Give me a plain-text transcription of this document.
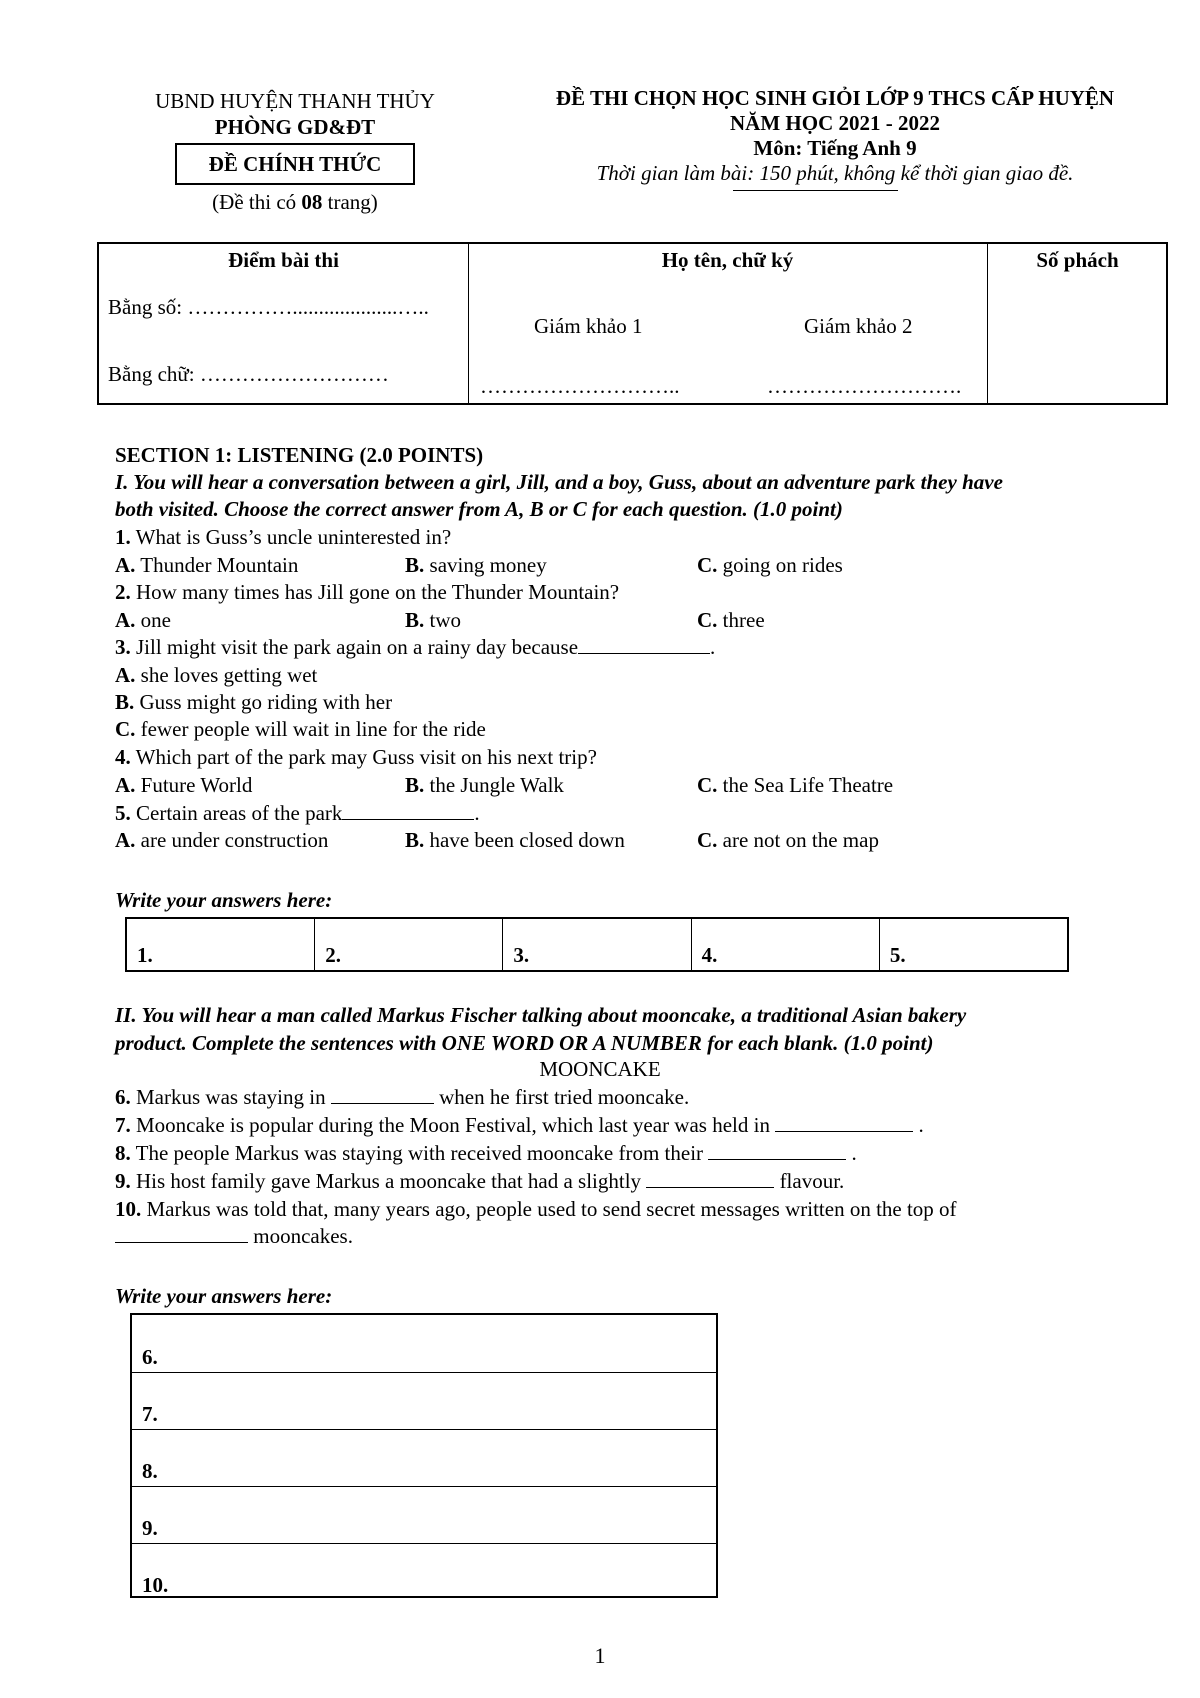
UBND HUYỆN THANH THỦY
PHÒNG GD&ĐT
ĐỀ CHÍNH THỨC
(Đề thi có 08 trang)
ĐỀ THI CHỌN HỌC SINH GIỎI LỚP 9 THCS CẤP HUYỆN
NĂM HỌC 2021 - 2022
Môn: Tiếng Anh 9
Thời gian làm bài: 150 phút, không kể thời gian giao đề.
Điểm bài thi	Họ tên, chữ ký	Số phách
Bằng số: ……………....................…..
Bằng chữ: ………………………
Giám khảo 1	Giám khảo 2
………………………..	……………………….
SECTION 1: LISTENING (2.0 POINTS)
I. You will hear a conversation between a girl, Jill, and a boy, Guss, about an adventure park they have
both visited. Choose the correct answer from A, B or C for each question. (1.0 point)
1. What is Guss’s uncle uninterested in?
A. Thunder Mountain	B. saving money	C. going on rides
2. How many times has Jill gone on the Thunder Mountain?
A. one	B. two	C. three
3. Jill might visit the park again on a rainy day because	.
A. she loves getting wet
B. Guss might go riding with her
C. fewer people will wait in line for the ride
4. Which part of the park may Guss visit on his next trip?
A. Future World	B. the Jungle Walk	C. the Sea Life Theatre
5. Certain areas of the park	.
A. are under construction	B. have been closed down	C. are not on the map
Write your answers here:
1.	2.	3.	4.	5.
II. You will hear a man called Markus Fischer talking about mooncake, a traditional Asian bakery
product. Complete the sentences with ONE WORD OR A NUMBER for each blank. (1.0 point)
MOONCAKE
6. Markus was staying in	when he first tried mooncake.
7. Mooncake is popular during the Moon Festival, which last year was held in	.
8. The people Markus was staying with received mooncake from their	.
9. His host family gave Markus a mooncake that had a slightly	flavour.
10. Markus was told that, many years ago, people used to send secret messages written on the top of
mooncakes.
Write your answers here:
6.
7.
8.
9.
10.
1
